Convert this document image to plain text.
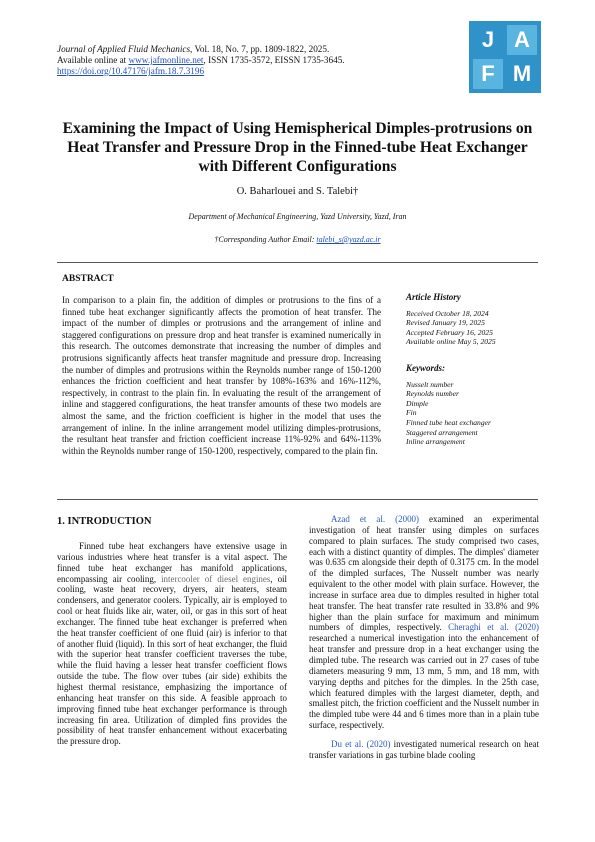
Journal of Applied Fluid Mechanics, Vol. 18, No. 7, pp. 1809-1822, 2025.
Available online at www.jafmonline.net, ISSN 1735-3572, EISSN 1735-3645.
https://doi.org/10.47176/jafm.18.7.3196
J A
F M
Examining the Impact of Using Hemispherical Dimples-protrusions on Heat Transfer and Pressure Drop in the Finned-tube Heat Exchanger with Different Configurations
O. Baharlouei and S. Talebi†
Department of Mechanical Engineering, Yazd University, Yazd, Iran
†Corresponding Author Email: talebi_s@yazd.ac.ir
ABSTRACT
In comparison to a plain fin, the addition of dimples or protrusions to the fins of a finned tube heat exchanger significantly affects the promotion of heat transfer. The impact of the number of dimples or protrusions and the arrangement of inline and staggered configurations on pressure drop and heat transfer is examined numerically in this research. The outcomes demonstrate that increasing the number of dimples and protrusions significantly affects heat transfer magnitude and pressure drop. Increasing the number of dimples and protrusions within the Reynolds number range of 150-1200 enhances the friction coefficient and heat transfer by 108%-163% and 16%-112%, respectively, in contrast to the plain fin. In evaluating the result of the arrangement of inline and staggered configurations, the heat transfer amounts of these two models are almost the same, and the friction coefficient is higher in the model that uses the arrangement of inline. In the inline arrangement model utilizing dimples-protrusions, the resultant heat transfer and friction coefficient increase 11%-92% and 64%-113% within the Reynolds number range of 150-1200, respectively, compared to the plain fin.
Article History
Received October 18, 2024
Revised January 19, 2025
Accepted February 16, 2025
Available online May 5, 2025
Keywords:
Nusselt number
Reynolds number
Dimple
Fin
Finned tube heat exchanger
Staggered arrangement
Inline arrangement
1. INTRODUCTION

Finned tube heat exchangers have extensive usage in various industries where heat transfer is a vital aspect. The finned tube heat exchanger has manifold applications, encompassing air cooling, intercooler of diesel engines, oil cooling, waste heat recovery, dryers, air heaters, steam condensers, and generator coolers. Typically, air is employed to cool or heat fluids like air, water, oil, or gas in this sort of heat exchanger. The finned tube heat exchanger is preferred when the heat transfer coefficient of one fluid (air) is inferior to that of another fluid (liquid). In this sort of heat exchanger, the fluid with the superior heat transfer coefficient traverses the tube, while the fluid having a lesser heat transfer coefficient flows outside the tube. The flow over tubes (air side) exhibits the highest thermal resistance, emphasizing the importance of enhancing heat transfer on this side. A feasible approach to improving finned tube heat exchanger performance is through increasing fin area. Utilization of dimpled fins provides the possibility of heat transfer enhancement without exacerbating the pressure drop.

Azad et al. (2000) examined an experimental investigation of heat transfer using dimples on surfaces compared to plain surfaces. The study comprised two cases, each with a distinct quantity of dimples. The dimples' diameter was 0.635 cm alongside their depth of 0.3175 cm. In the model of the dimpled surfaces, The Nusselt number was nearly equivalent to the other model with plain surface. However, the increase in surface area due to dimples resulted in higher total heat transfer. The heat transfer rate resulted in 33.8% and 9% higher than the plain surface for maximum and minimum numbers of dimples, respectively. Cheraghi et al. (2020) researched a numerical investigation into the enhancement of heat transfer and pressure drop in a heat exchanger using the dimpled tube. The research was carried out in 27 cases of tube diameters measuring 9 mm, 13 mm, 5 mm, and 18 mm, with varying depths and pitches for the dimples. In the 25th case, which featured dimples with the largest diameter, depth, and smallest pitch, the friction coefficient and the Nusselt number in the dimpled tube were 44 and 6 times more than in a plain tube surface, respectively.

Du et al. (2020) investigated numerical research on heat transfer variations in gas turbine blade cooling
